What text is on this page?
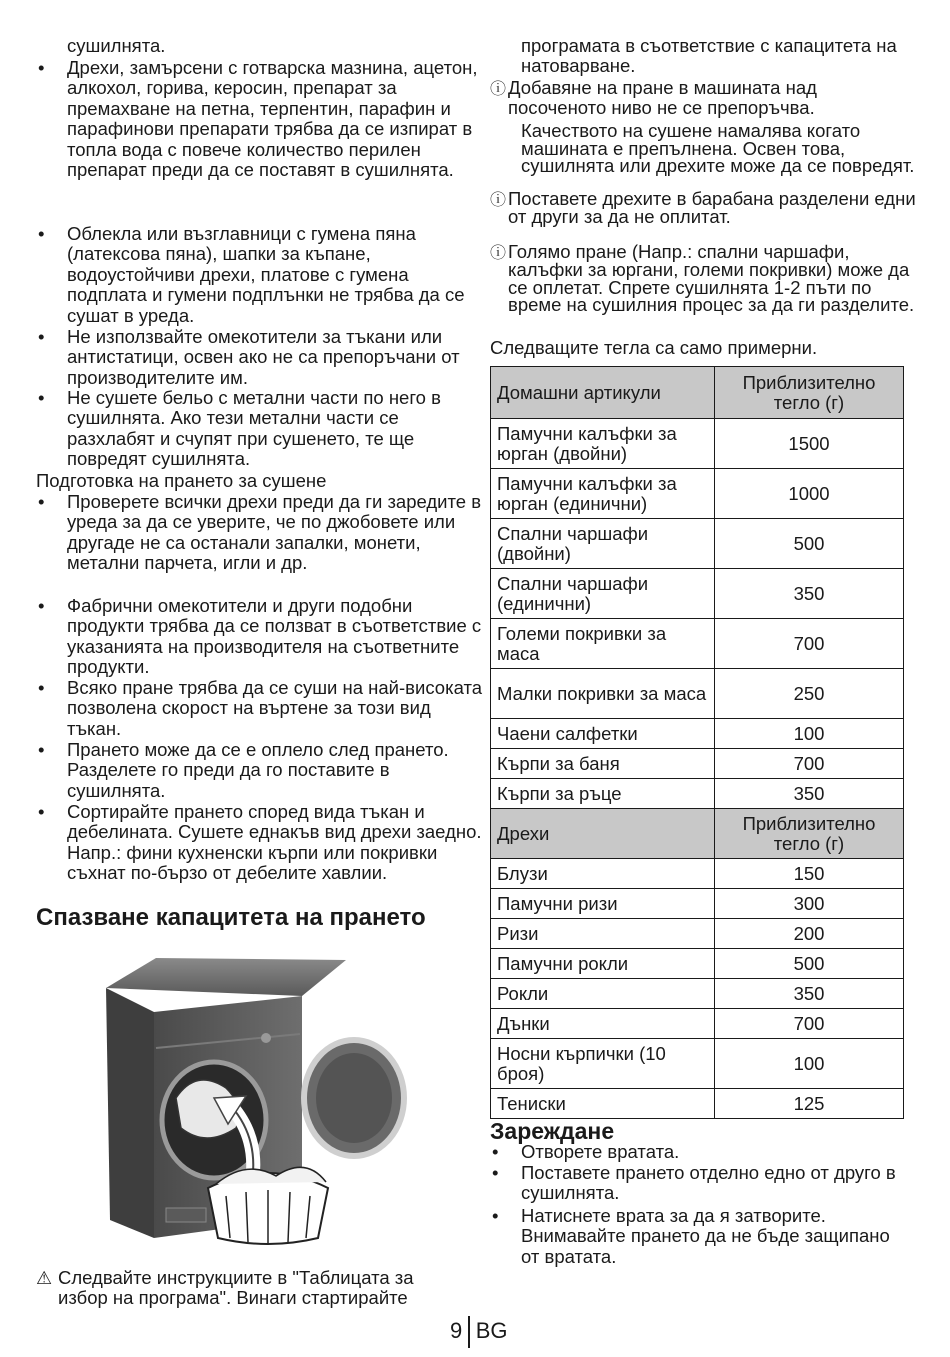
сушилнята.
• Дрехи, замърсени с готварска мазнина, ацетон, алкохол, горива, керосин, препарат за премахване на петна, терпентин, парафин и парафинови препарати трябва да се изпират в топла вода с повече количество перилен препарат преди да се поставят в сушилнята.
• Облекла или възглавници с гумена пяна (латексова пяна), шапки за къпане, водоустойчиви дрехи, платове с гумена подплата и гумени подплънки не трябва да се сушат в уреда.
• Не използвайте омекотители за тъкани или антистатици, освен ако не са препоръчани от производителите им.
• Не сушете бельо с метални части по него в сушилнята. Ако тези метални части се разхлабят и счупят при сушенето, те ще повредят сушилнята.
Подготовка на прането за сушене
• Проверете всички дрехи преди да ги заредите в уреда за да се уверите, че по джобовете или другаде не са останали запалки, монети, метални парчета, игли и др.
• Фабрични омекотители и други подобни продукти трябва да се ползват в съответствие с указанията на производителя на съответните продукти.
• Всяко пране трябва да се суши на най-високата позволена скорост на въртене за този вид тъкан.
• Прането може да се е оплело след прането. Разделете го преди да го поставите в сушилнята.
• Сортирайте прането според вида тъкан и дебелината. Сушете еднакъв вид дрехи заедно. Напр.: фини кухненски кърпи или покривки съхнат по-бързо от дебелите хавлии.
Спазване капацитета на прането
⚠ Следвайте инструкциите в "Таблицата за избор на програма". Винаги стартирайте
програмата в съответствие с капацитета на натоварване.
ⓘ Добавяне на пране в машината над посоченото ниво не се препоръчва.
Качеството на сушене намалява когато машината е препълнена. Освен това, сушилнята или дрехите може да се повредят.
ⓘ Поставете дрехите в барабана разделени едни от други за да не оплитат.
ⓘ Голямо пране (Напр.: спални чаршафи, калъфки за юргани, големи покривки) може да се оплетат. Спрете сушилнята 1-2 пъти по време на сушилния процес за да ги разделите.
Следващите тегла са само примерни.
Зареждане
• Отворете вратата.
• Поставете прането отделно едно от друго в сушилнята.
• Натиснете врата за да я затворите. Внимавайте прането да не бъде защипано от вратата.
Домашни артикули	Приблизително тегло (г)
Памучни калъфки за юрган (двойни)	1500
Памучни калъфки за юрган (единични)	1000
Спални чаршафи (двойни)	500
Спални чаршафи (единични)	350
Големи покривки за маса	700
Малки покривки за маса	250
Чаени салфетки	100
Кърпи за баня	700
Кърпи за ръце	350
Дрехи	Приблизително тегло (г)
Блузи	150
Памучни ризи	300
Ризи	200
Памучни рокли	500
Рокли	350
Дънки	700
Носни кърпички (10 броя)	100
Тениски	125
9 BG
